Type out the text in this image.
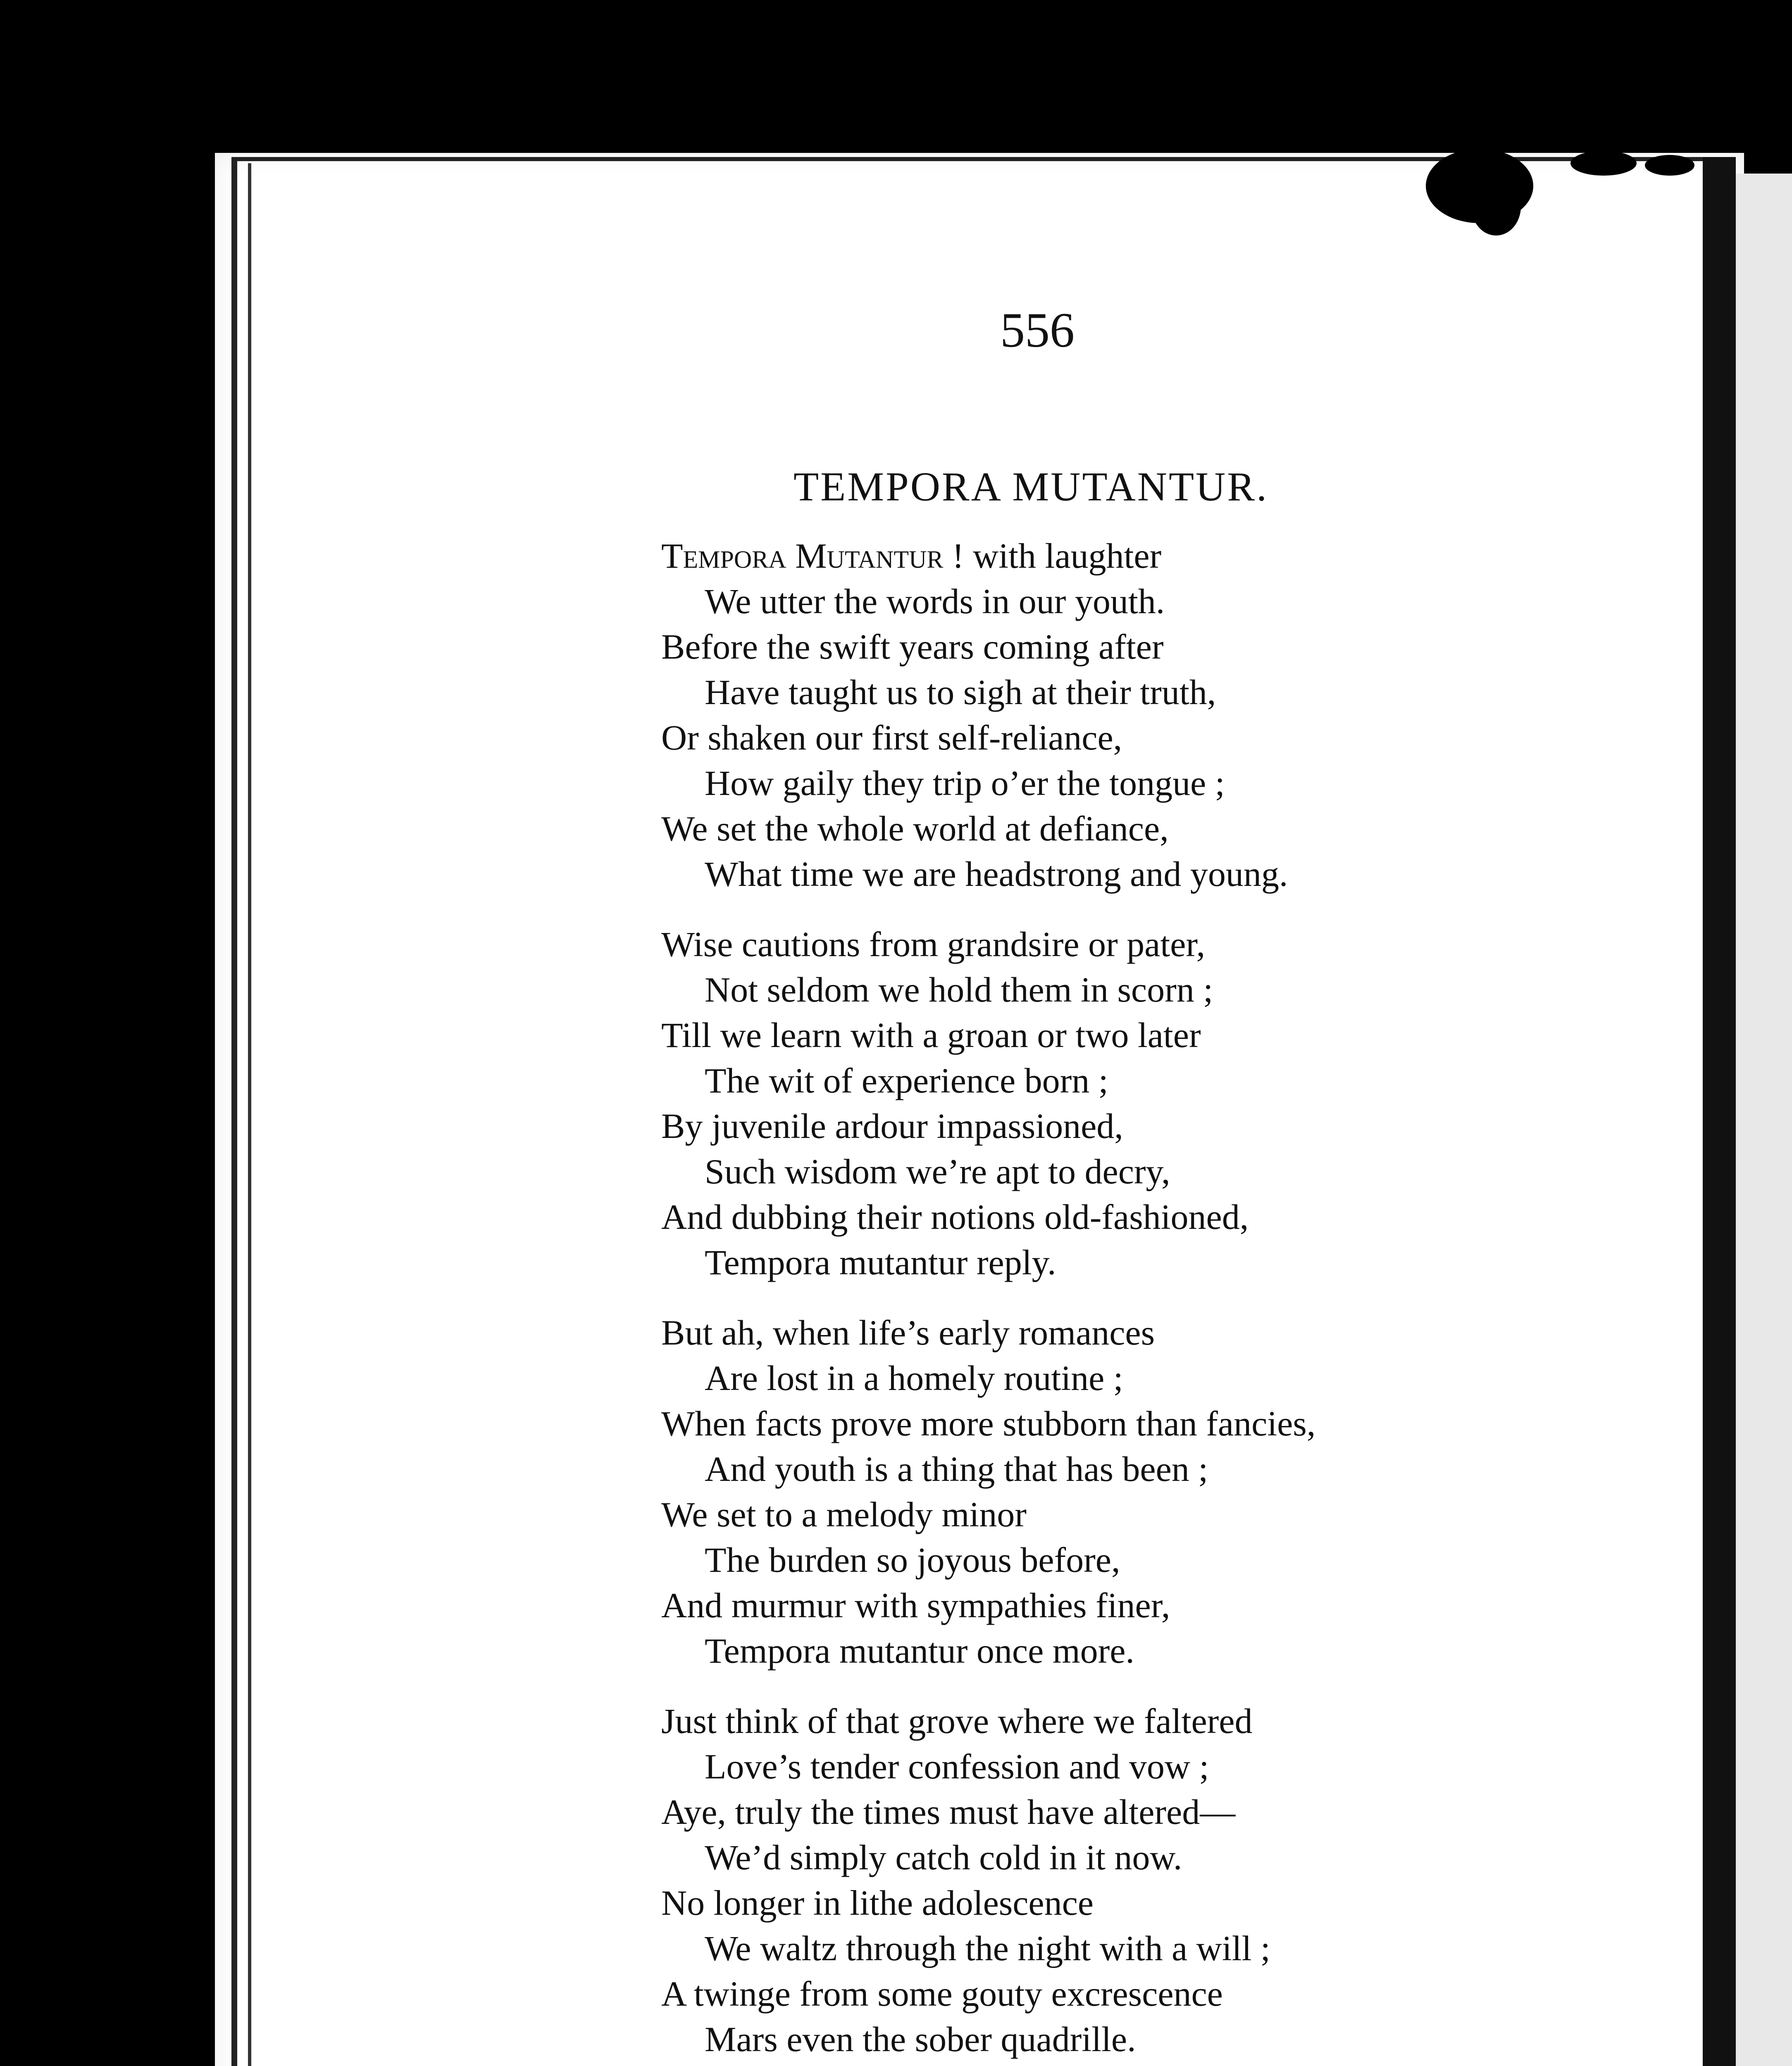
556
TEMPORA MUTANTUR.
Tempora Mutantur ! with laughter
We utter the words in our youth.
Before the swift years coming after
Have taught us to sigh at their truth,
Or shaken our first self-reliance,
How gaily they trip o’er the tongue ;
We set the whole world at defiance,
What time we are headstrong and young.
Wise cautions from grandsire or pater,
Not seldom we hold them in scorn ;
Till we learn with a groan or two later
The wit of experience born ;
By juvenile ardour impassioned,
Such wisdom we’re apt to decry,
And dubbing their notions old-fashioned,
Tempora mutantur reply.
But ah, when life’s early romances
Are lost in a homely routine ;
When facts prove more stubborn than fancies,
And youth is a thing that has been ;
We set to a melody minor
The burden so joyous before,
And murmur with sympathies finer,
Tempora mutantur once more.
Just think of that grove where we faltered
Love’s tender confession and vow ;
Aye, truly the times must have altered—
We’d simply catch cold in it now.
No longer in lithe adolescence
We waltz through the night with a will ;
A twinge from some gouty excrescence
Mars even the sober quadrille.
